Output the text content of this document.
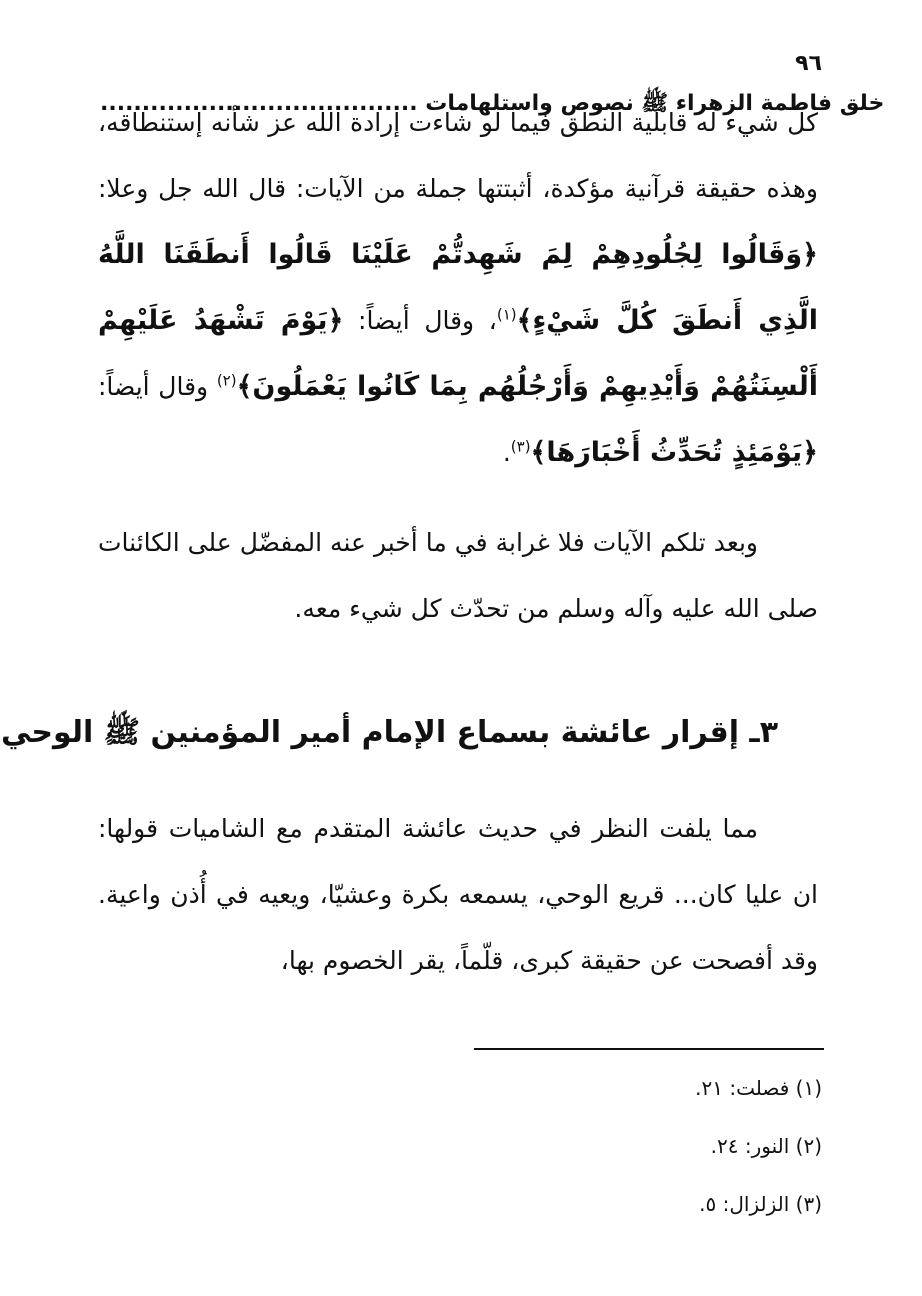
٩٦
خلق فاطمة الزهراء ﷺ نصوص واستلهامات ......................................

كل شيء له قابلية النطق فيما لو شاءت إرادة الله عز شأنه إستنطاقه، وهذه حقيقة قرآنية مؤكدة، أثبتتها جملة من الآيات: قال الله جل وعلا: ﴿وَقَالُوا لِجُلُودِهِمْ لِمَ شَهِدتُّمْ عَلَيْنَا قَالُوا أَنطَقَنَا اللَّهُ الَّذِي أَنطَقَ كُلَّ شَيْءٍ﴾$^{(١)}$، وقال أيضاً: ﴿يَوْمَ تَشْهَدُ عَلَيْهِمْ أَلْسِنَتُهُمْ وَأَيْدِيهِمْ وَأَرْجُلُهُم بِمَا كَانُوا يَعْمَلُونَ﴾$^{(٢)}$ وقال أيضاً: ﴿يَوْمَئِذٍ تُحَدِّثُ أَخْبَارَهَا﴾$^{(٣)}$.

وبعد تلكم الآيات فلا غرابة في ما أخبر عنه المفضّل على الكائنات صلى الله عليه وآله وسلم من تحدّث كل شيء معه.

٣ـ إقرار عائشة بسماع الإمام أمير المؤمنين ﷺ الوحي

مما يلفت النظر في حديث عائشة المتقدم مع الشاميات قولها: ان عليا كان... قريع الوحي، يسمعه بكرة وعشيّا، ويعيه في أُذن واعية. وقد أفصحت عن حقيقة كبرى، قلّماً، يقر الخصوم بها،

(١) فصلت: ٢١.
(٢) النور: ٢٤.
(٣) الزلزال: ٥.
